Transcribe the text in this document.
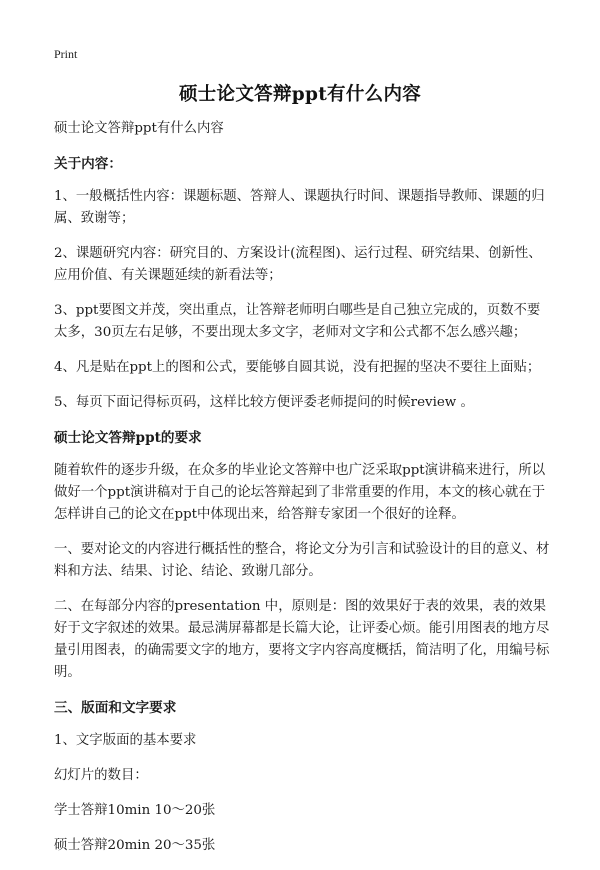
Print
硕士论文答辩ppt有什么内容

硕士论文答辩ppt有什么内容

关于内容：

1、一般概括性内容：课题标题、答辩人、课题执行时间、课题指导教师、课题的归属、致谢等；

2、课题研究内容：研究目的、方案设计(流程图)、运行过程、研究结果、创新性、应用价值、有关课题延续的新看法等；

3、ppt要图文并茂，突出重点，让答辩老师明白哪些是自己独立完成的，页数不要太多，30页左右足够，不要出现太多文字，老师对文字和公式都不怎么感兴趣；

4、凡是贴在ppt上的图和公式，要能够自圆其说，没有把握的坚决不要往上面贴；

5、每页下面记得标页码，这样比较方便评委老师提问的时候review 。

硕士论文答辩ppt的要求

随着软件的逐步升级，在众多的毕业论文答辩中也广泛采取ppt演讲稿来进行，所以做好一个ppt演讲稿对于自己的论坛答辩起到了非常重要的作用，本文的核心就在于怎样讲自己的论文在ppt中体现出来，给答辩专家团一个很好的诠释。

一、要对论文的内容进行概括性的整合，将论文分为引言和试验设计的目的意义、材料和方法、结果、讨论、结论、致谢几部分。

二、在每部分内容的presentation 中，原则是：图的效果好于表的效果，表的效果好于文字叙述的效果。最忌满屏幕都是长篇大论，让评委心烦。能引用图表的地方尽量引用图表，的确需要文字的地方，要将文字内容高度概括，简洁明了化，用编号标明。

三、版面和文字要求

1、文字版面的基本要求

幻灯片的数目：

学士答辩10min 10～20张

硕士答辩20min 20～35张
